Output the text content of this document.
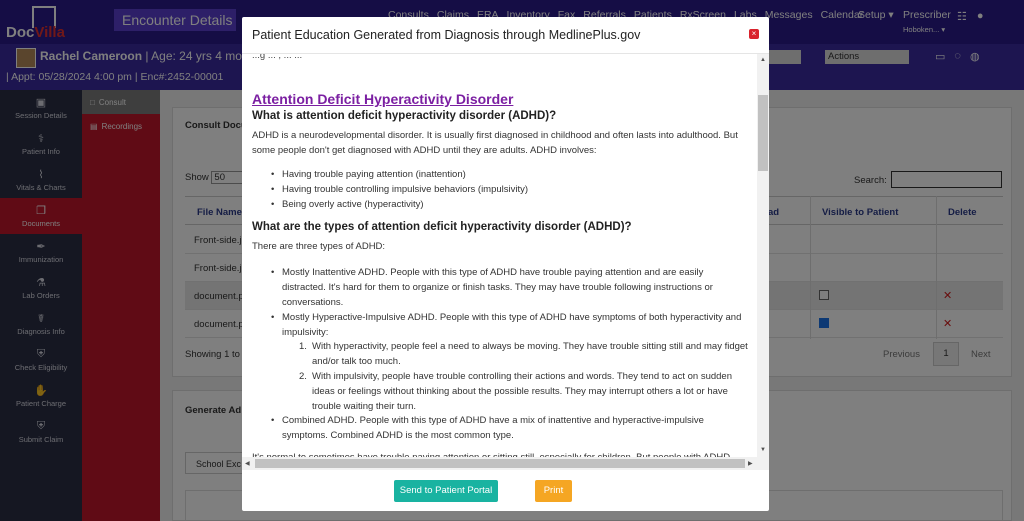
Patient Education Generated from Diagnosis through MedlinePlus.gov	×
...g ... , ... ...
Attention Deficit Hyperactivity Disorder
What is attention deficit hyperactivity disorder (ADHD)?
ADHD is a neurodevelopmental disorder. It is usually first diagnosed in childhood and often lasts into adulthood. But some people don't get diagnosed with ADHD until they are adults. ADHD involves:
• Having trouble paying attention (inattention)
• Having trouble controlling impulsive behaviors (impulsivity)
• Being overly active (hyperactivity)
What are the types of attention deficit hyperactivity disorder (ADHD)?
There are three types of ADHD:
• Mostly Inattentive ADHD. People with this type of ADHD have trouble paying attention and are easily distracted. It's hard for them to organize or finish tasks. They may have trouble following instructions or conversations.
• Mostly Hyperactive-Impulsive ADHD. People with this type of ADHD have symptoms of both hyperactivity and impulsivity:
1. With hyperactivity, people feel a need to always be moving. They have trouble sitting still and may fidget and/or talk too much.
2. With impulsivity, people have trouble controlling their actions and words. They tend to act on sudden ideas or feelings without thinking about the possible results. They may interrupt others a lot or have trouble waiting their turn.
• Combined ADHD. People with this type of ADHD have a mix of inattentive and hyperactive-impulsive symptoms. Combined ADHD is the most common type.
▲
▼
◀	▶
Send to Patient Portal	Print
